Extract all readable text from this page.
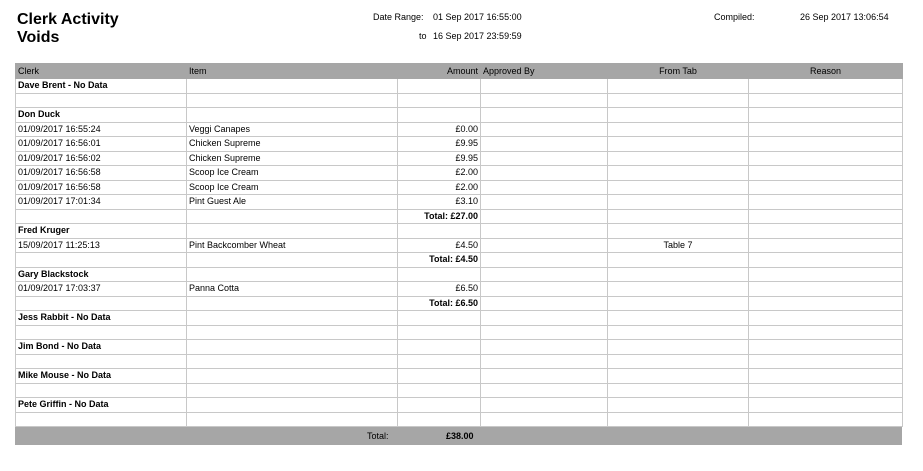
Clerk Activity
Voids
Date Range: 01 Sep 2017 16:55:00
to 16 Sep 2017 23:59:59
Compiled:	26 Sep 2017 13:06:54
Clerk	Item	Amount	Approved By	From Tab	Reason
Dave Brent - No Data					

Don Duck					
01/09/2017 16:55:24	Veggi Canapes	£0.00			
01/09/2017 16:56:01	Chicken Supreme	£9.95			
01/09/2017 16:56:02	Chicken Supreme	£9.95			
01/09/2017 16:56:58	Scoop Ice Cream	£2.00			
01/09/2017 16:56:58	Scoop Ice Cream	£2.00			
01/09/2017 17:01:34	Pint Guest Ale	£3.10			
		Total: £27.00			
Fred Kruger					
15/09/2017 11:25:13	Pint Backcomber Wheat	£4.50		Table 7	
		Total: £4.50			
Gary Blackstock					
01/09/2017 17:03:37	Panna Cotta	£6.50			
		Total: £6.50			
Jess Rabbit - No Data					

Jim Bond - No Data					

Mike Mouse - No Data					

Pete Griffin - No Data					

Total:	£38.00
